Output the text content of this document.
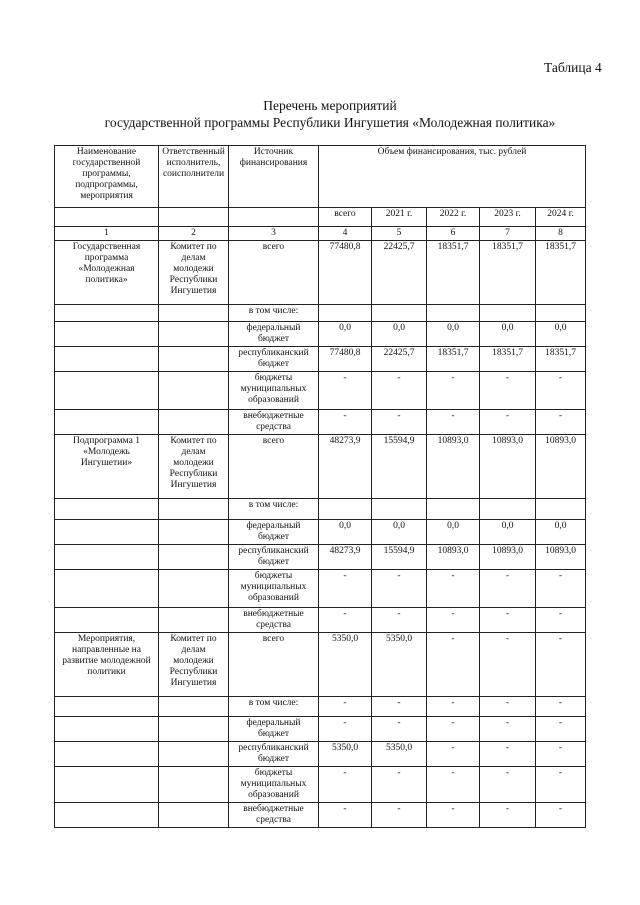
Таблица 4
Перечень мероприятий
государственной программы Республики Ингушетия «Молодежная политика»
Наименование государственной программы, подпрограммы, мероприятия	Ответственный исполнитель, соисполнители	Источник финансирования	Объем финансирования, тыс. рублей				
			всего	2021 г.	2022 г.	2023 г.	2024 г.
1	2	3	4	5	6	7	8
Государственная программа «Молодежная политика»	Комитет по делам молодежи Республики Ингушетия	всего	77480,8	22425,7	18351,7	18351,7	18351,7
		в том числе:					
		федеральный бюджет	0,0	0,0	0,0	0,0	0,0
		республиканский бюджет	77480,8	22425,7	18351,7	18351,7	18351,7
		бюджеты муниципальных образований	-	-	-	-	-
		внебюджетные средства	-	-	-	-	-
Подпрограмма 1 «Молодежь Ингушетии»	Комитет по делам молодежи Республики Ингушетия	всего	48273,9	15594,9	10893,0	10893,0	10893,0
		в том числе:					
		федеральный бюджет	0,0	0,0	0,0	0,0	0,0
		республиканский бюджет	48273,9	15594,9	10893,0	10893,0	10893,0
		бюджеты муниципальных образований	-	-	-	-	-
		внебюджетные средства	-	-	-	-	-
Мероприятия, направленные на развитие молодежной политики	Комитет по делам молодежи Республики Ингушетия	всего	5350,0	5350,0	-	-	-
		в том числе:	-	-	-	-	-
		федеральный бюджет	-	-	-	-	-
		республиканский бюджет	5350,0	5350,0	-	-	-
		бюджеты муниципальных образований	-	-	-	-	-
		внебюджетные средства	-	-	-	-	-
